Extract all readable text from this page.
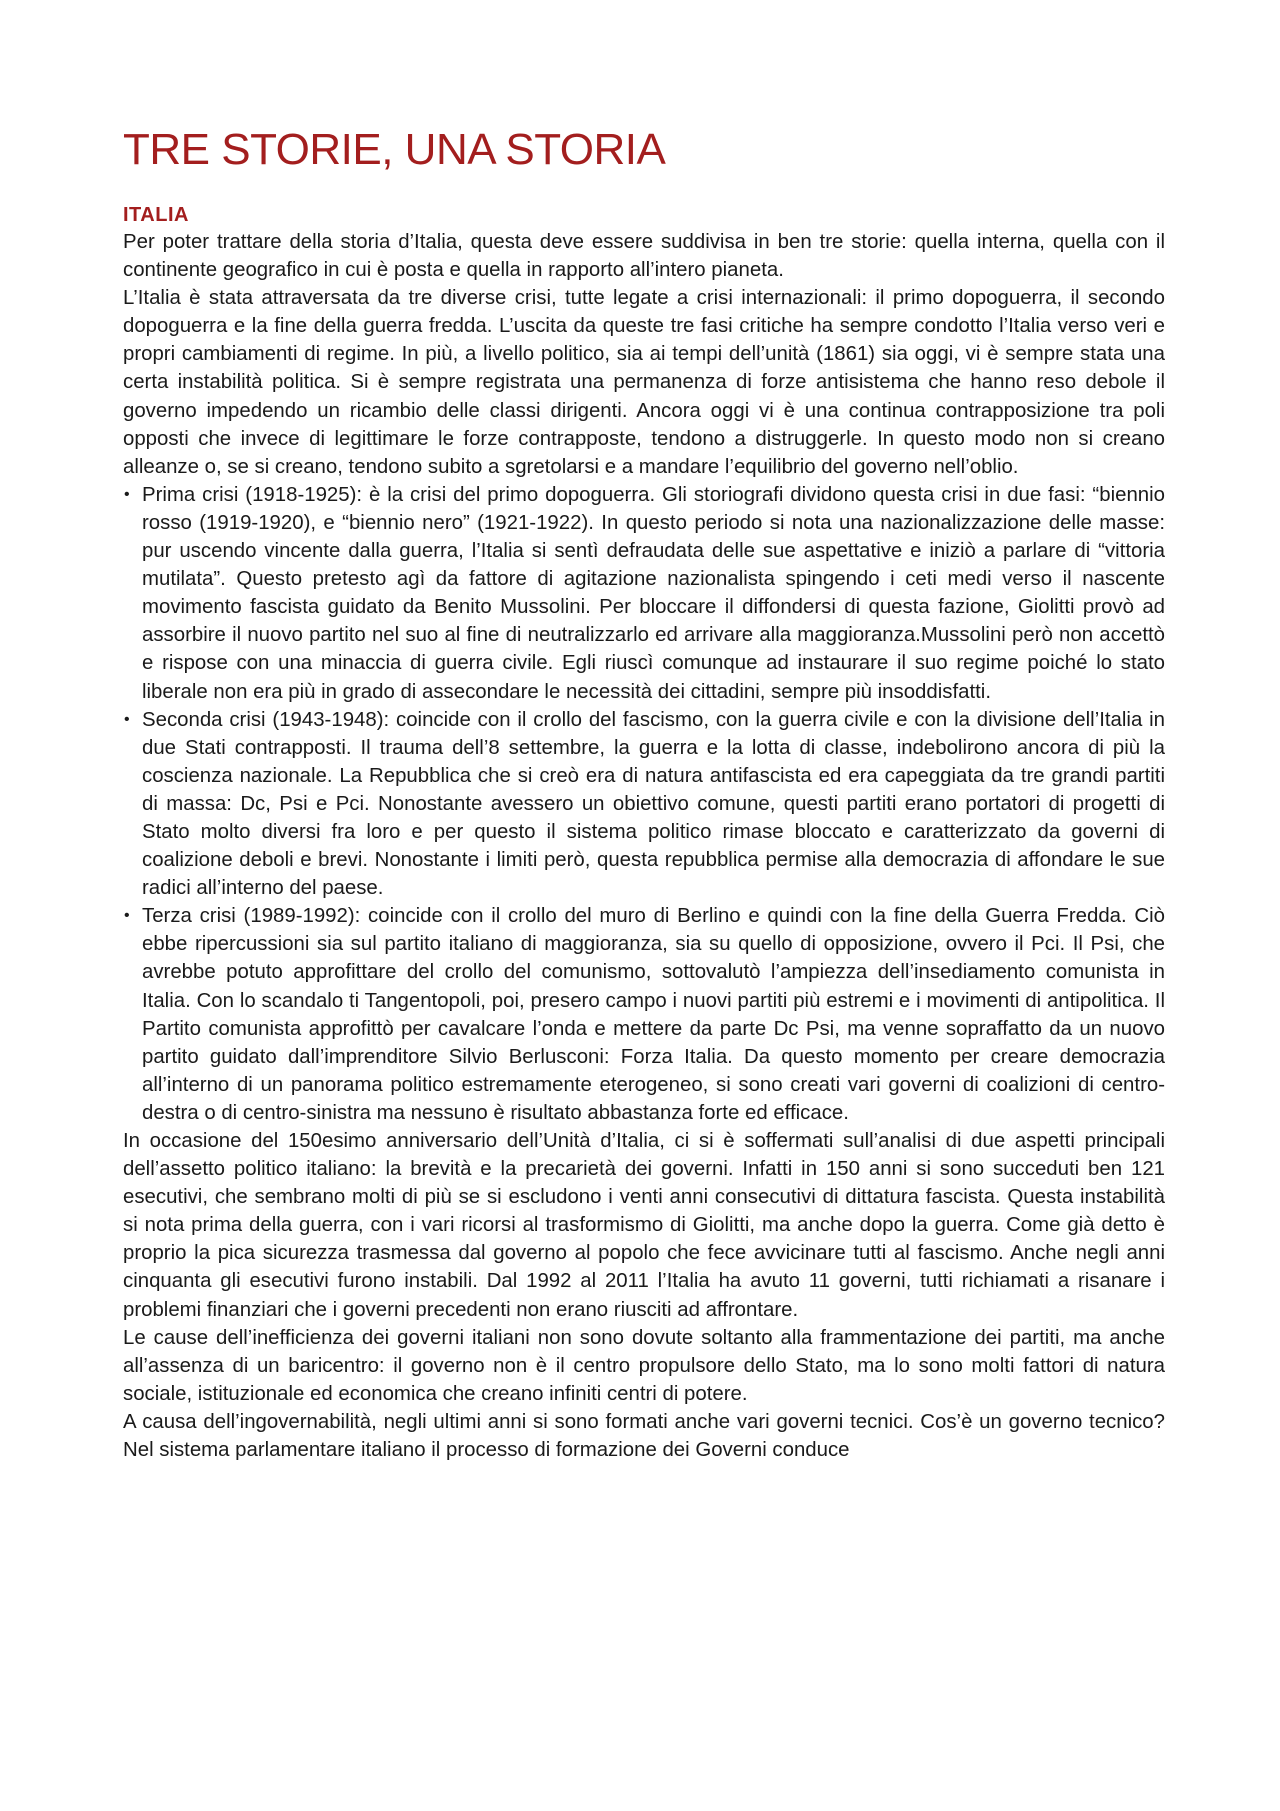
TRE STORIE, UNA STORIA
ITALIA

Per poter trattare della storia d’Italia, questa deve essere suddivisa in ben tre storie: quella interna, quella con il continente geografico in cui è posta e quella in rapporto all’intero pianeta.

L’Italia è stata attraversata da tre diverse crisi, tutte legate a crisi internazionali: il primo dopoguerra, il secondo dopoguerra e la fine della guerra fredda. L’uscita da queste tre fasi critiche ha sempre condotto l’Italia verso veri e propri cambiamenti di regime. In più, a livello politico, sia ai tempi dell’unità (1861) sia oggi, vi è sempre stata una certa instabilità politica. Si è sempre registrata una permanenza di forze antisistema che hanno reso debole il governo impedendo un ricambio delle classi dirigenti. Ancora oggi vi è una continua contrapposizione tra poli opposti che invece di legittimare le forze contrapposte, tendono a distruggerle. In questo modo non si creano alleanze o, se si creano, tendono subito a sgretolarsi e a mandare l’equilibrio del governo nell’oblio.

• Prima crisi (1918-1925): è la crisi del primo dopoguerra. Gli storiografi dividono questa crisi in due fasi: “biennio rosso (1919-1920), e “biennio nero” (1921-1922). In questo periodo si nota una nazionalizzazione delle masse: pur uscendo vincente dalla guerra, l’Italia si sentì defraudata delle sue aspettative e iniziò a parlare di “vittoria mutilata”. Questo pretesto agì da fattore di agitazione nazionalista spingendo i ceti medi verso il nascente movimento fascista guidato da Benito Mussolini. Per bloccare il diffondersi di questa fazione, Giolitti provò ad assorbire il nuovo partito nel suo al fine di neutralizzarlo ed arrivare alla maggioranza.Mussolini però non accettò e rispose con una minaccia di guerra civile. Egli riuscì comunque ad instaurare il suo regime poiché lo stato liberale non era più in grado di assecondare le necessità dei cittadini, sempre più insoddisfatti.
• Seconda crisi (1943-1948): coincide con il crollo del fascismo, con la guerra civile e con la divisione dell’Italia in due Stati contrapposti. Il trauma dell’8 settembre, la guerra e la lotta di classe, indebolirono ancora di più la coscienza nazionale. La Repubblica che si creò era di natura antifascista ed era capeggiata da tre grandi partiti di massa: Dc, Psi e Pci. Nonostante avessero un obiettivo comune, questi partiti erano portatori di progetti di Stato molto diversi fra loro e per questo il sistema politico rimase bloccato e caratterizzato da governi di coalizione deboli e brevi. Nonostante i limiti però, questa repubblica permise alla democrazia di affondare le sue radici all’interno del paese.
• Terza crisi (1989-1992): coincide con il crollo del muro di Berlino e quindi con la fine della Guerra Fredda. Ciò ebbe ripercussioni sia sul partito italiano di maggioranza, sia su quello di opposizione, ovvero il Pci. Il Psi, che avrebbe potuto approfittare del crollo del comunismo, sottovalutò l’ampiezza dell’insediamento comunista in Italia. Con lo scandalo ti Tangentopoli, poi, presero campo i nuovi partiti più estremi e i movimenti di antipolitica. Il Partito comunista approfittò per cavalcare l’onda e mettere da parte Dc Psi, ma venne sopraffatto da un nuovo partito guidato dall’imprenditore Silvio Berlusconi: Forza Italia. Da questo momento per creare democrazia all’interno di un panorama politico estremamente eterogeneo, si sono creati vari governi di coalizioni di centro-destra o di centro-sinistra ma nessuno è risultato abbastanza forte ed efficace.

In occasione del 150esimo anniversario dell’Unità d’Italia, ci si è soffermati sull’analisi di due aspetti principali dell’assetto politico italiano: la brevità e la precarietà dei governi. Infatti in 150 anni si sono succeduti ben 121 esecutivi, che sembrano molti di più se si escludono i venti anni consecutivi di dittatura fascista. Questa instabilità si nota prima della guerra, con i vari ricorsi al trasformismo di Giolitti, ma anche dopo la guerra. Come già detto è proprio la pica sicurezza trasmessa dal governo al popolo che fece avvicinare tutti al fascismo. Anche negli anni cinquanta gli esecutivi furono instabili. Dal 1992 al 2011 l’Italia ha avuto 11 governi, tutti richiamati a risanare i problemi finanziari che i governi precedenti non erano riusciti ad affrontare.

Le cause dell’inefficienza dei governi italiani non sono dovute soltanto alla frammentazione dei partiti, ma anche all’assenza di un baricentro: il governo non è il centro propulsore dello Stato, ma lo sono molti fattori di natura sociale, istituzionale ed economica che creano infiniti centri di potere.

A causa dell’ingovernabilità, negli ultimi anni si sono formati anche vari governi tecnici. Cos’è un governo tecnico? Nel sistema parlamentare italiano il processo di formazione dei Governi conduce
